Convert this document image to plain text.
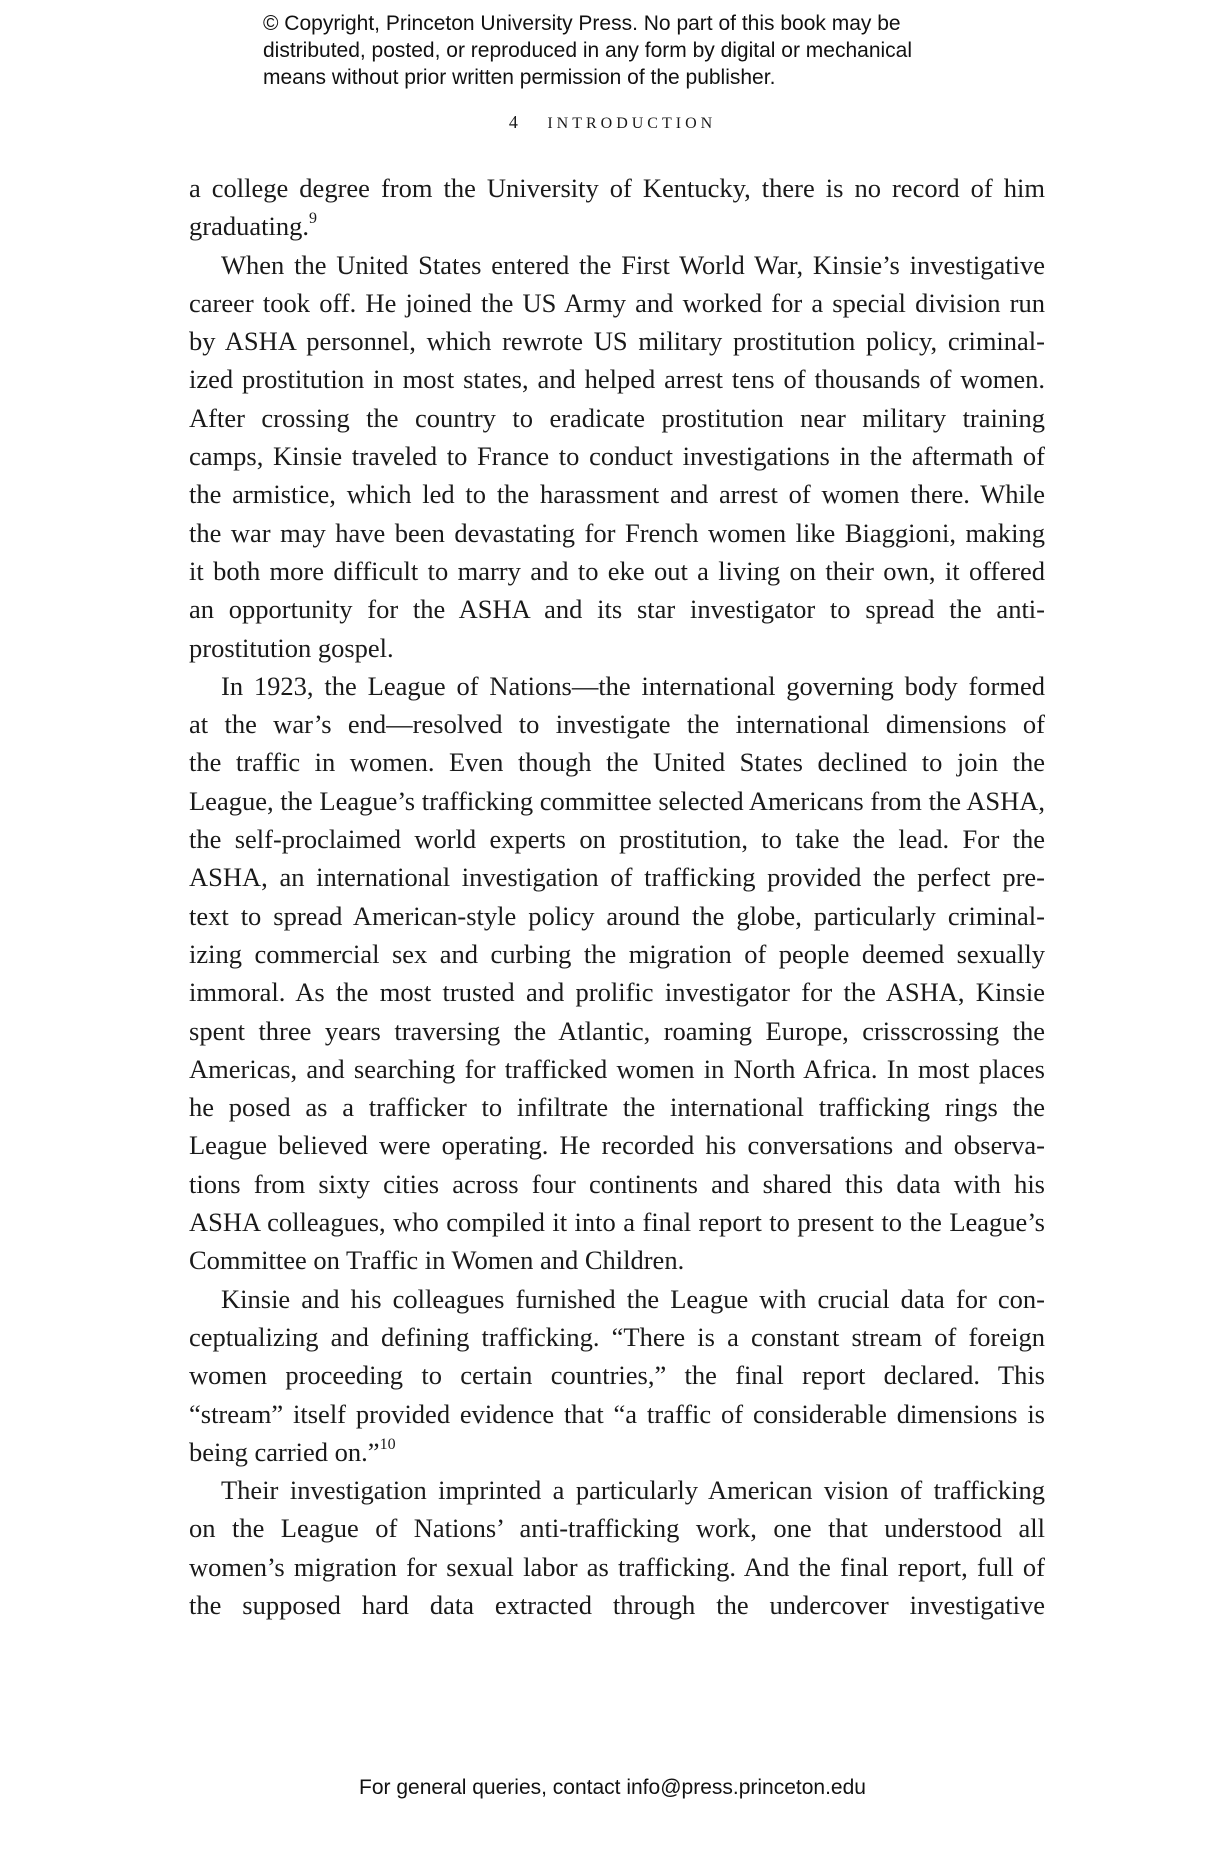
© Copyright, Princeton University Press. No part of this book may be
distributed, posted, or reproduced in any form by digital or mechanical
means without prior written permission of the publisher.
4 INTRODUCTION
a college degree from the University of Kentucky, there is no record of him
graduating.$^9$
When the United States entered the First World War, Kinsie’s investigative
career took off. He joined the US Army and worked for a special division run
by ASHA personnel, which rewrote US military prostitution policy, criminal-
ized prostitution in most states, and helped arrest tens of thousands of women.
After crossing the country to eradicate prostitution near military training
camps, Kinsie traveled to France to conduct investigations in the aftermath of
the armistice, which led to the harassment and arrest of women there. While
the war may have been devastating for French women like Biaggioni, making
it both more difficult to marry and to eke out a living on their own, it offered
an opportunity for the ASHA and its star investigator to spread the anti-
prostitution gospel.
In 1923, the League of Nations—the international governing body formed
at the war’s end—resolved to investigate the international dimensions of
the traffic in women. Even though the United States declined to join the
League, the League’s trafficking committee selected Americans from the ASHA,
the self-proclaimed world experts on prostitution, to take the lead. For the
ASHA, an international investigation of trafficking provided the perfect pre-
text to spread American-style policy around the globe, particularly criminal-
izing commercial sex and curbing the migration of people deemed sexually
immoral. As the most trusted and prolific investigator for the ASHA, Kinsie
spent three years traversing the Atlantic, roaming Europe, crisscrossing the
Americas, and searching for trafficked women in North Africa. In most places
he posed as a trafficker to infiltrate the international trafficking rings the
League believed were operating. He recorded his conversations and observa-
tions from sixty cities across four continents and shared this data with his
ASHA colleagues, who compiled it into a final report to present to the League’s
Committee on Traffic in Women and Children.
Kinsie and his colleagues furnished the League with crucial data for con-
ceptualizing and defining trafficking. “There is a constant stream of foreign
women proceeding to certain countries,” the final report declared. This
“stream” itself provided evidence that “a traffic of considerable dimensions is
being carried on.”$^{10}$
Their investigation imprinted a particularly American vision of trafficking
on the League of Nations’ anti-trafficking work, one that understood all
women’s migration for sexual labor as trafficking. And the final report, full of
the supposed hard data extracted through the undercover investigative
For general queries, contact info@press.princeton.edu
